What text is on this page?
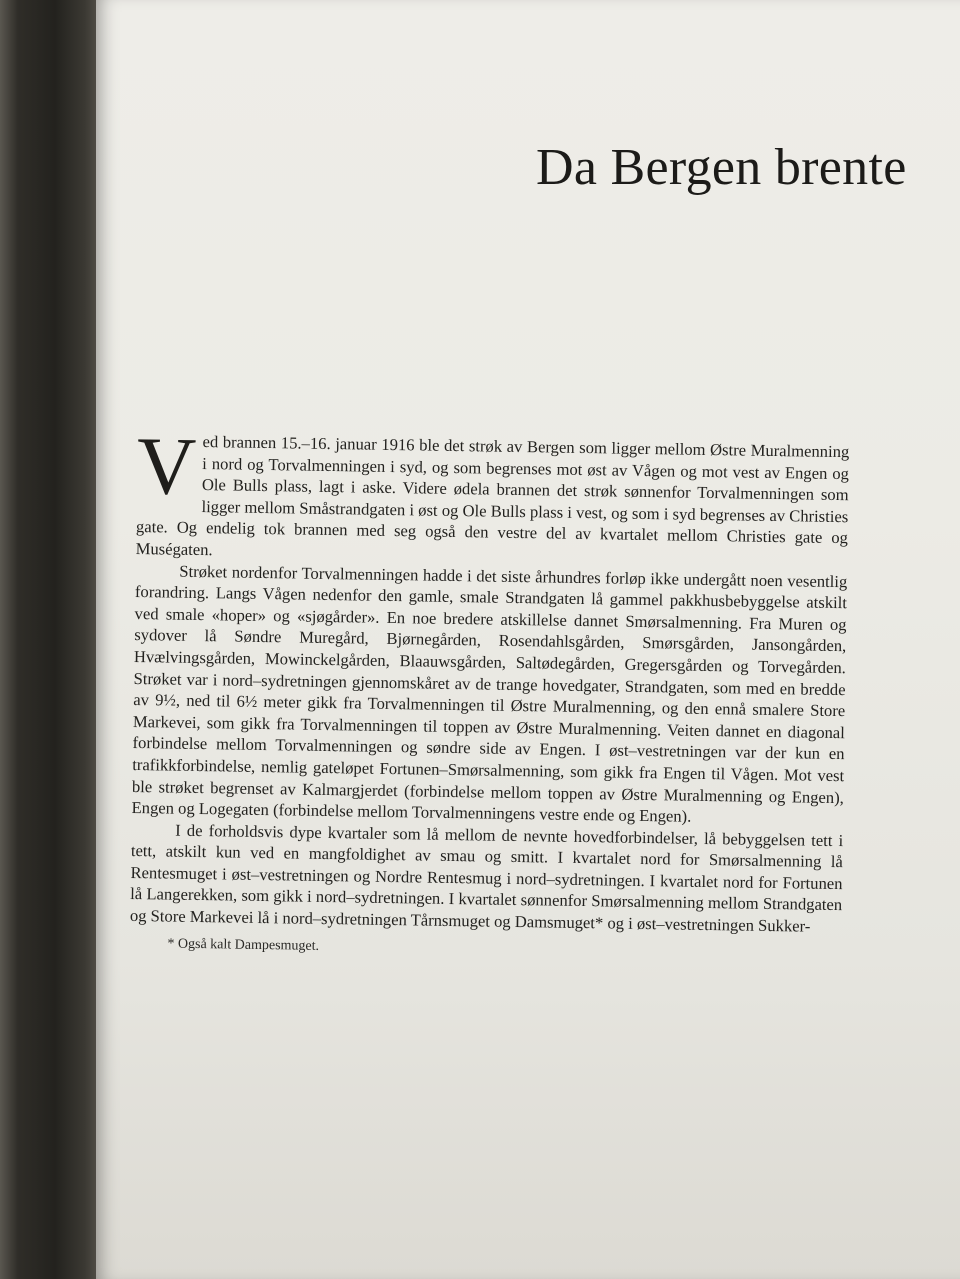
Da Bergen brente

Ved brannen 15.–16. januar 1916 ble det strøk av Bergen som ligger mellom Østre Muralmenning i nord og Torvalmenningen i syd, og som begrenses mot øst av Vågen og mot vest av Engen og Ole Bulls plass, lagt i aske. Videre ødela brannen det strøk sønnenfor Torvalmenningen som ligger mellom Småstrandgaten i øst og Ole Bulls plass i vest, og som i syd begrenses av Christies gate. Og endelig tok brannen med seg også den vestre del av kvartalet mellom Christies gate og Muségaten.

Strøket nordenfor Torvalmenningen hadde i det siste århundres forløp ikke undergått noen vesentlig forandring. Langs Vågen nedenfor den gamle, smale Strandgaten lå gammel pakkhusbebyggelse atskilt ved smale «hoper» og «sjøgårder». En noe bredere atskillelse dannet Smørsalmenning. Fra Muren og sydover lå Søndre Muregård, Bjørnegården, Rosendahlsgården, Smørsgården, Jansongården, Hvælvingsgården, Mowinckelgården, Blaauwsgården, Saltødegården, Gregersgården og Torvegården. Strøket var i nord–sydretningen gjennomskåret av de trange hovedgater, Strandgaten, som med en bredde av 9½, ned til 6½ meter gikk fra Torvalmenningen til Østre Muralmenning, og den ennå smalere Store Markevei, som gikk fra Torvalmenningen til toppen av Østre Muralmenning. Veiten dannet en diagonal forbindelse mellom Torvalmenningen og søndre side av Engen. I øst–vestretningen var der kun en trafikkforbindelse, nemlig gateløpet Fortunen–Smørsalmenning, som gikk fra Engen til Vågen. Mot vest ble strøket begrenset av Kalmargjerdet (forbindelse mellom toppen av Østre Muralmenning og Engen), Engen og Logegaten (forbindelse mellom Torvalmenningens vestre ende og Engen).

I de forholdsvis dype kvartaler som lå mellom de nevnte hovedforbindelser, lå bebyggelsen tett i tett, atskilt kun ved en mangfoldighet av smau og smitt. I kvartalet nord for Smørsalmenning lå Rentesmuget i øst–vestretningen og Nordre Rentesmug i nord–sydretningen. I kvartalet nord for Fortunen lå Langerekken, som gikk i nord–sydretningen. I kvartalet sønnenfor Smørsalmenning mellom Strandgaten og Store Markevei lå i nord–sydretningen Tårnsmuget og Damsmuget* og i øst–vestretningen Sukker-

* Også kalt Dampesmuget.
